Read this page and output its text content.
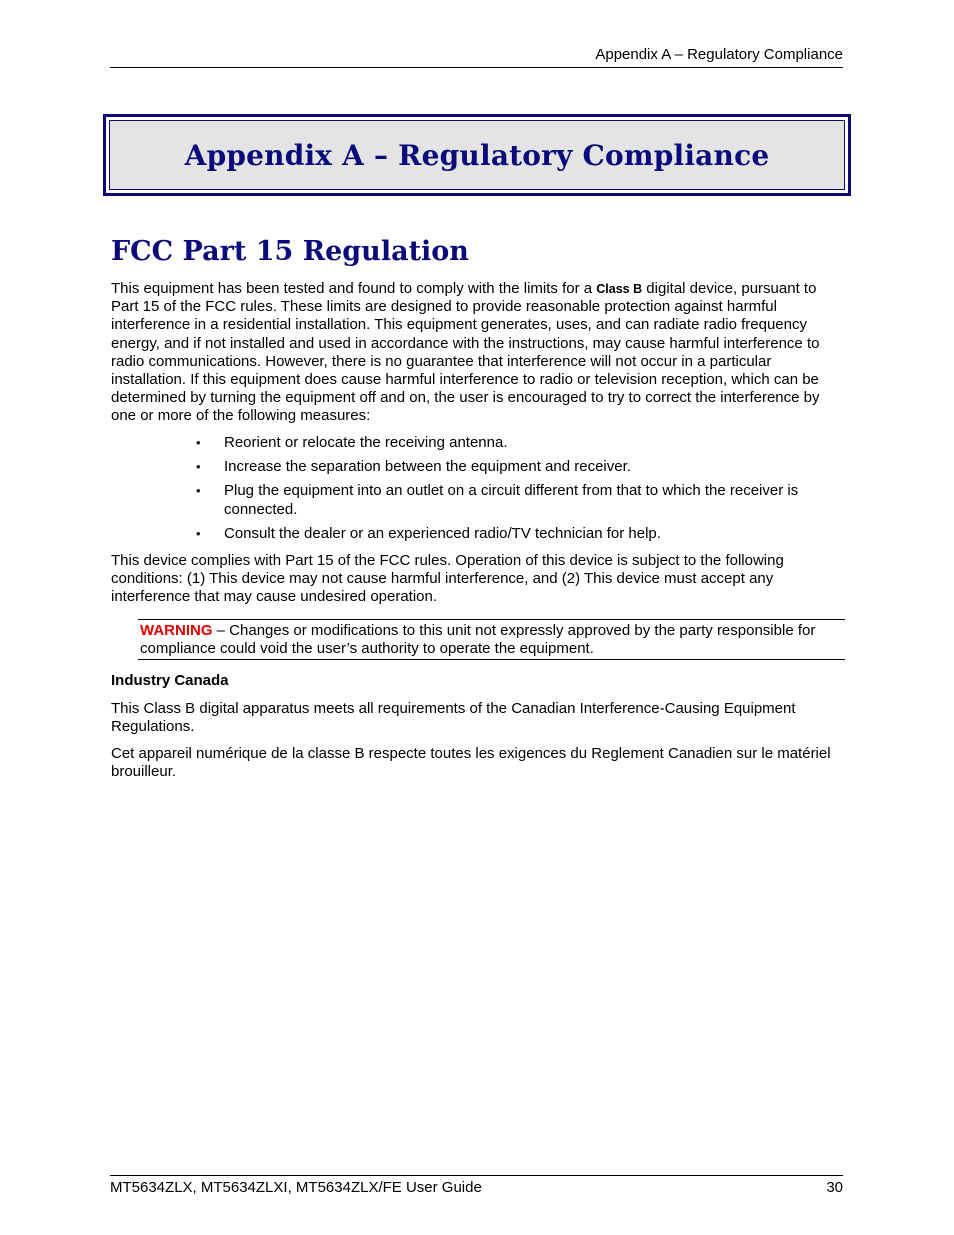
Appendix A – Regulatory Compliance
Appendix A – Regulatory Compliance
FCC Part 15 Regulation

This equipment has been tested and found to comply with the limits for a Class B digital device, pursuant to Part 15 of the FCC rules. These limits are designed to provide reasonable protection against harmful interference in a residential installation. This equipment generates, uses, and can radiate radio frequency energy, and if not installed and used in accordance with the instructions, may cause harmful interference to radio communications. However, there is no guarantee that interference will not occur in a particular installation. If this equipment does cause harmful interference to radio or television reception, which can be determined by turning the equipment off and on, the user is encouraged to try to correct the interference by one or more of the following measures:

• Reorient or relocate the receiving antenna.
• Increase the separation between the equipment and receiver.
• Plug the equipment into an outlet on a circuit different from that to which the receiver is connected.
• Consult the dealer or an experienced radio/TV technician for help.

This device complies with Part 15 of the FCC rules. Operation of this device is subject to the following conditions: (1) This device may not cause harmful interference, and (2) This device must accept any interference that may cause undesired operation.

WARNING – Changes or modifications to this unit not expressly approved by the party responsible for compliance could void the user’s authority to operate the equipment.
Industry Canada

This Class B digital apparatus meets all requirements of the Canadian Interference-Causing Equipment Regulations.

Cet appareil numérique de la classe B respecte toutes les exigences du Reglement Canadien sur le matériel brouilleur.

MT5634ZLX, MT5634ZLXI, MT5634ZLX/FE User Guide	30
